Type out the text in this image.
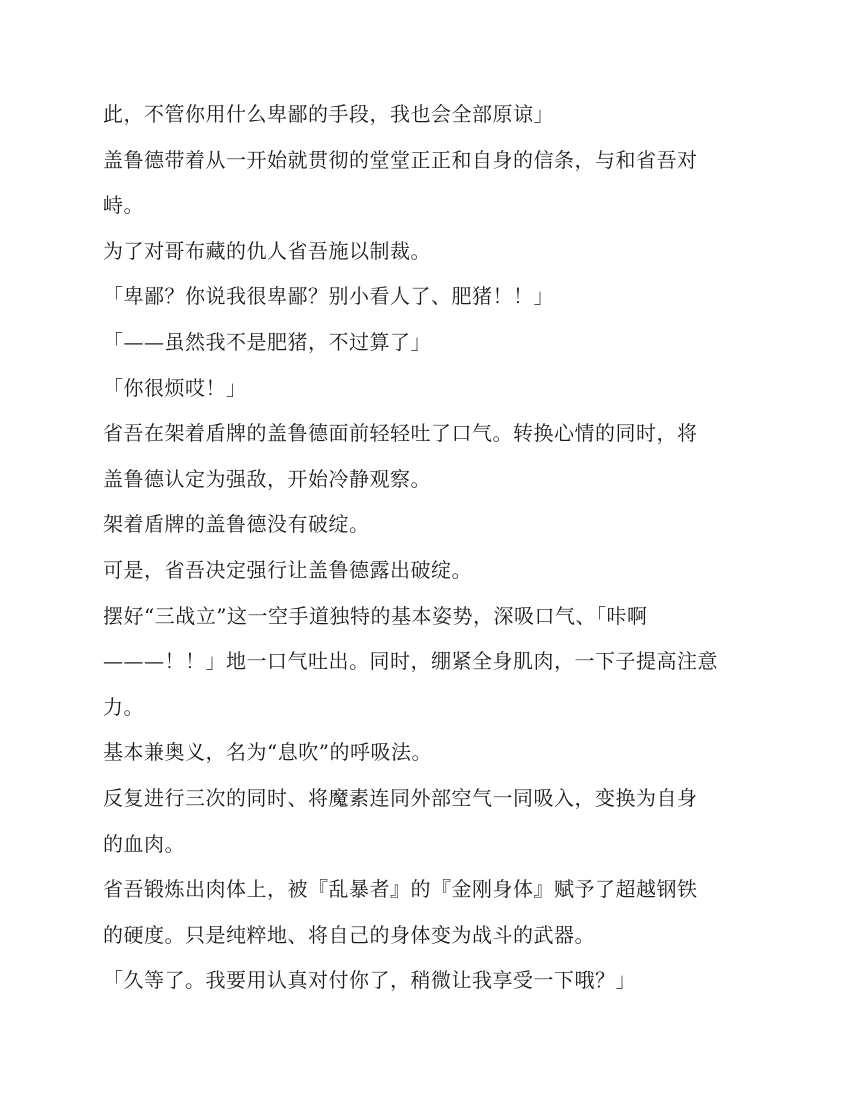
此，不管你用什么卑鄙的手段，我也会全部原谅」
盖鲁德带着从一开始就贯彻的堂堂正正和自身的信条，与和省吾对
峙。
为了对哥布藏的仇人省吾施以制裁。
「卑鄙？你说我很卑鄙？别小看人了、肥猪！！」
「——虽然我不是肥猪，不过算了」
「你很烦哎！」
省吾在架着盾牌的盖鲁德面前轻轻吐了口气。转换心情的同时，将
盖鲁德认定为强敌，开始冷静观察。
架着盾牌的盖鲁德没有破绽。
可是，省吾决定强行让盖鲁德露出破绽。
摆好“三战立”这一空手道独特的基本姿势，深吸口气、「咔啊
———！！」地一口气吐出。同时，绷紧全身肌肉，一下子提高注意
力。
基本兼奥义，名为“息吹”的呼吸法。
反复进行三次的同时、将魔素连同外部空气一同吸入，变换为自身
的血肉。
省吾锻炼出肉体上，被『乱暴者』的『金刚身体』赋予了超越钢铁
的硬度。只是纯粹地、将自己的身体变为战斗的武器。
「久等了。我要用认真对付你了，稍微让我享受一下哦？」
